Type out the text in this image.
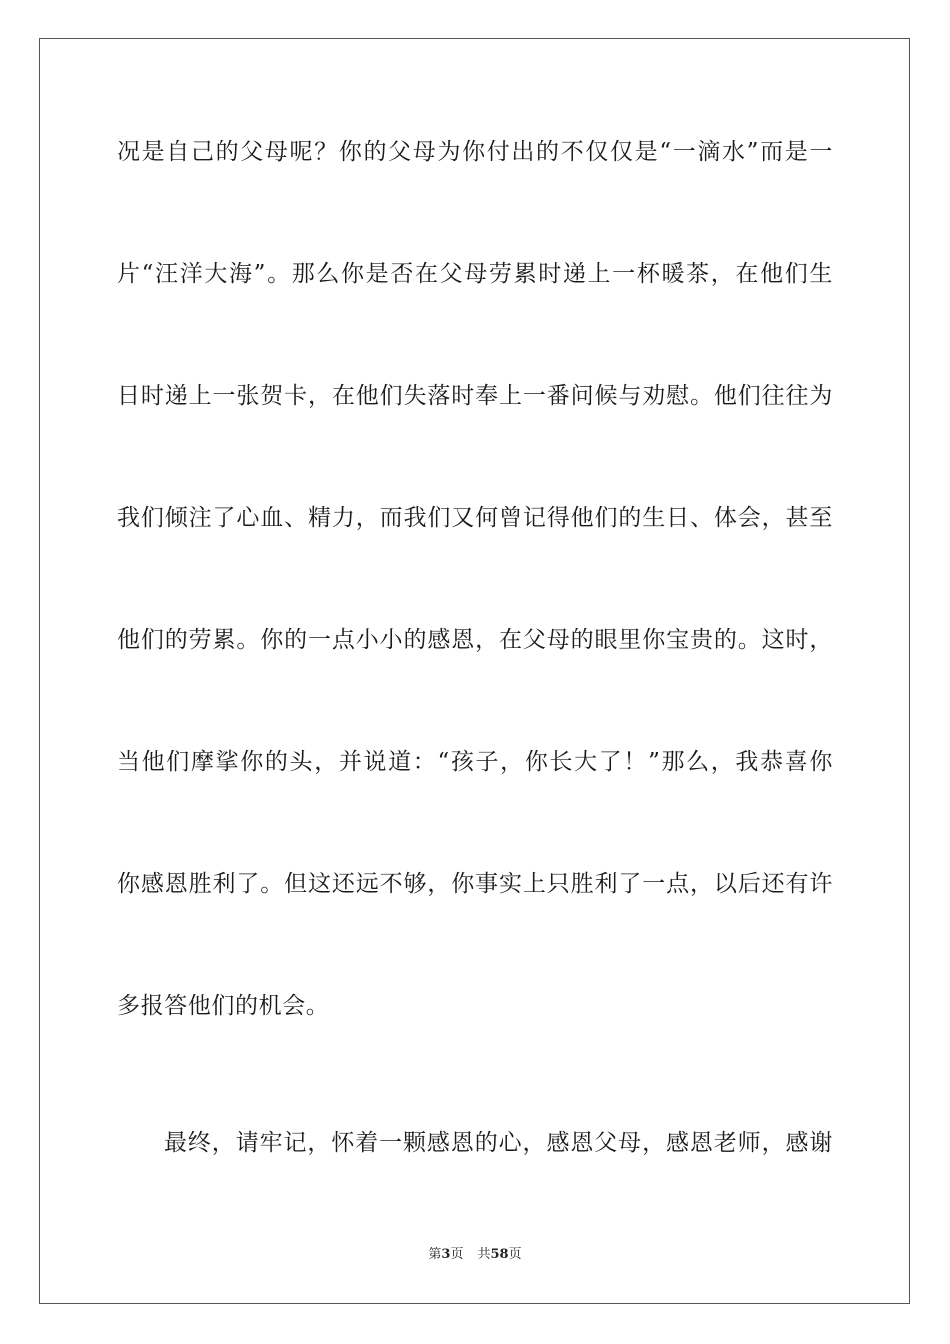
况是自己的父母呢？你的父母为你付出的不仅仅是“一滴水”而是一
片“汪洋大海”。那么你是否在父母劳累时递上一杯暖茶，在他们生
日时递上一张贺卡，在他们失落时奉上一番问候与劝慰。他们往往为
我们倾注了心血、精力，而我们又何曾记得他们的生日、体会，甚至
他们的劳累。你的一点小小的感恩，在父母的眼里你宝贵的。这时，
当他们摩挲你的头，并说道：“孩子，你长大了！”那么，我恭喜你
你感恩胜利了。但这还远不够，你事实上只胜利了一点，以后还有许
多报答他们的机会。
最终，请牢记，怀着一颗感恩的心，感恩父母，感恩老师，感谢
第3页 共58页
